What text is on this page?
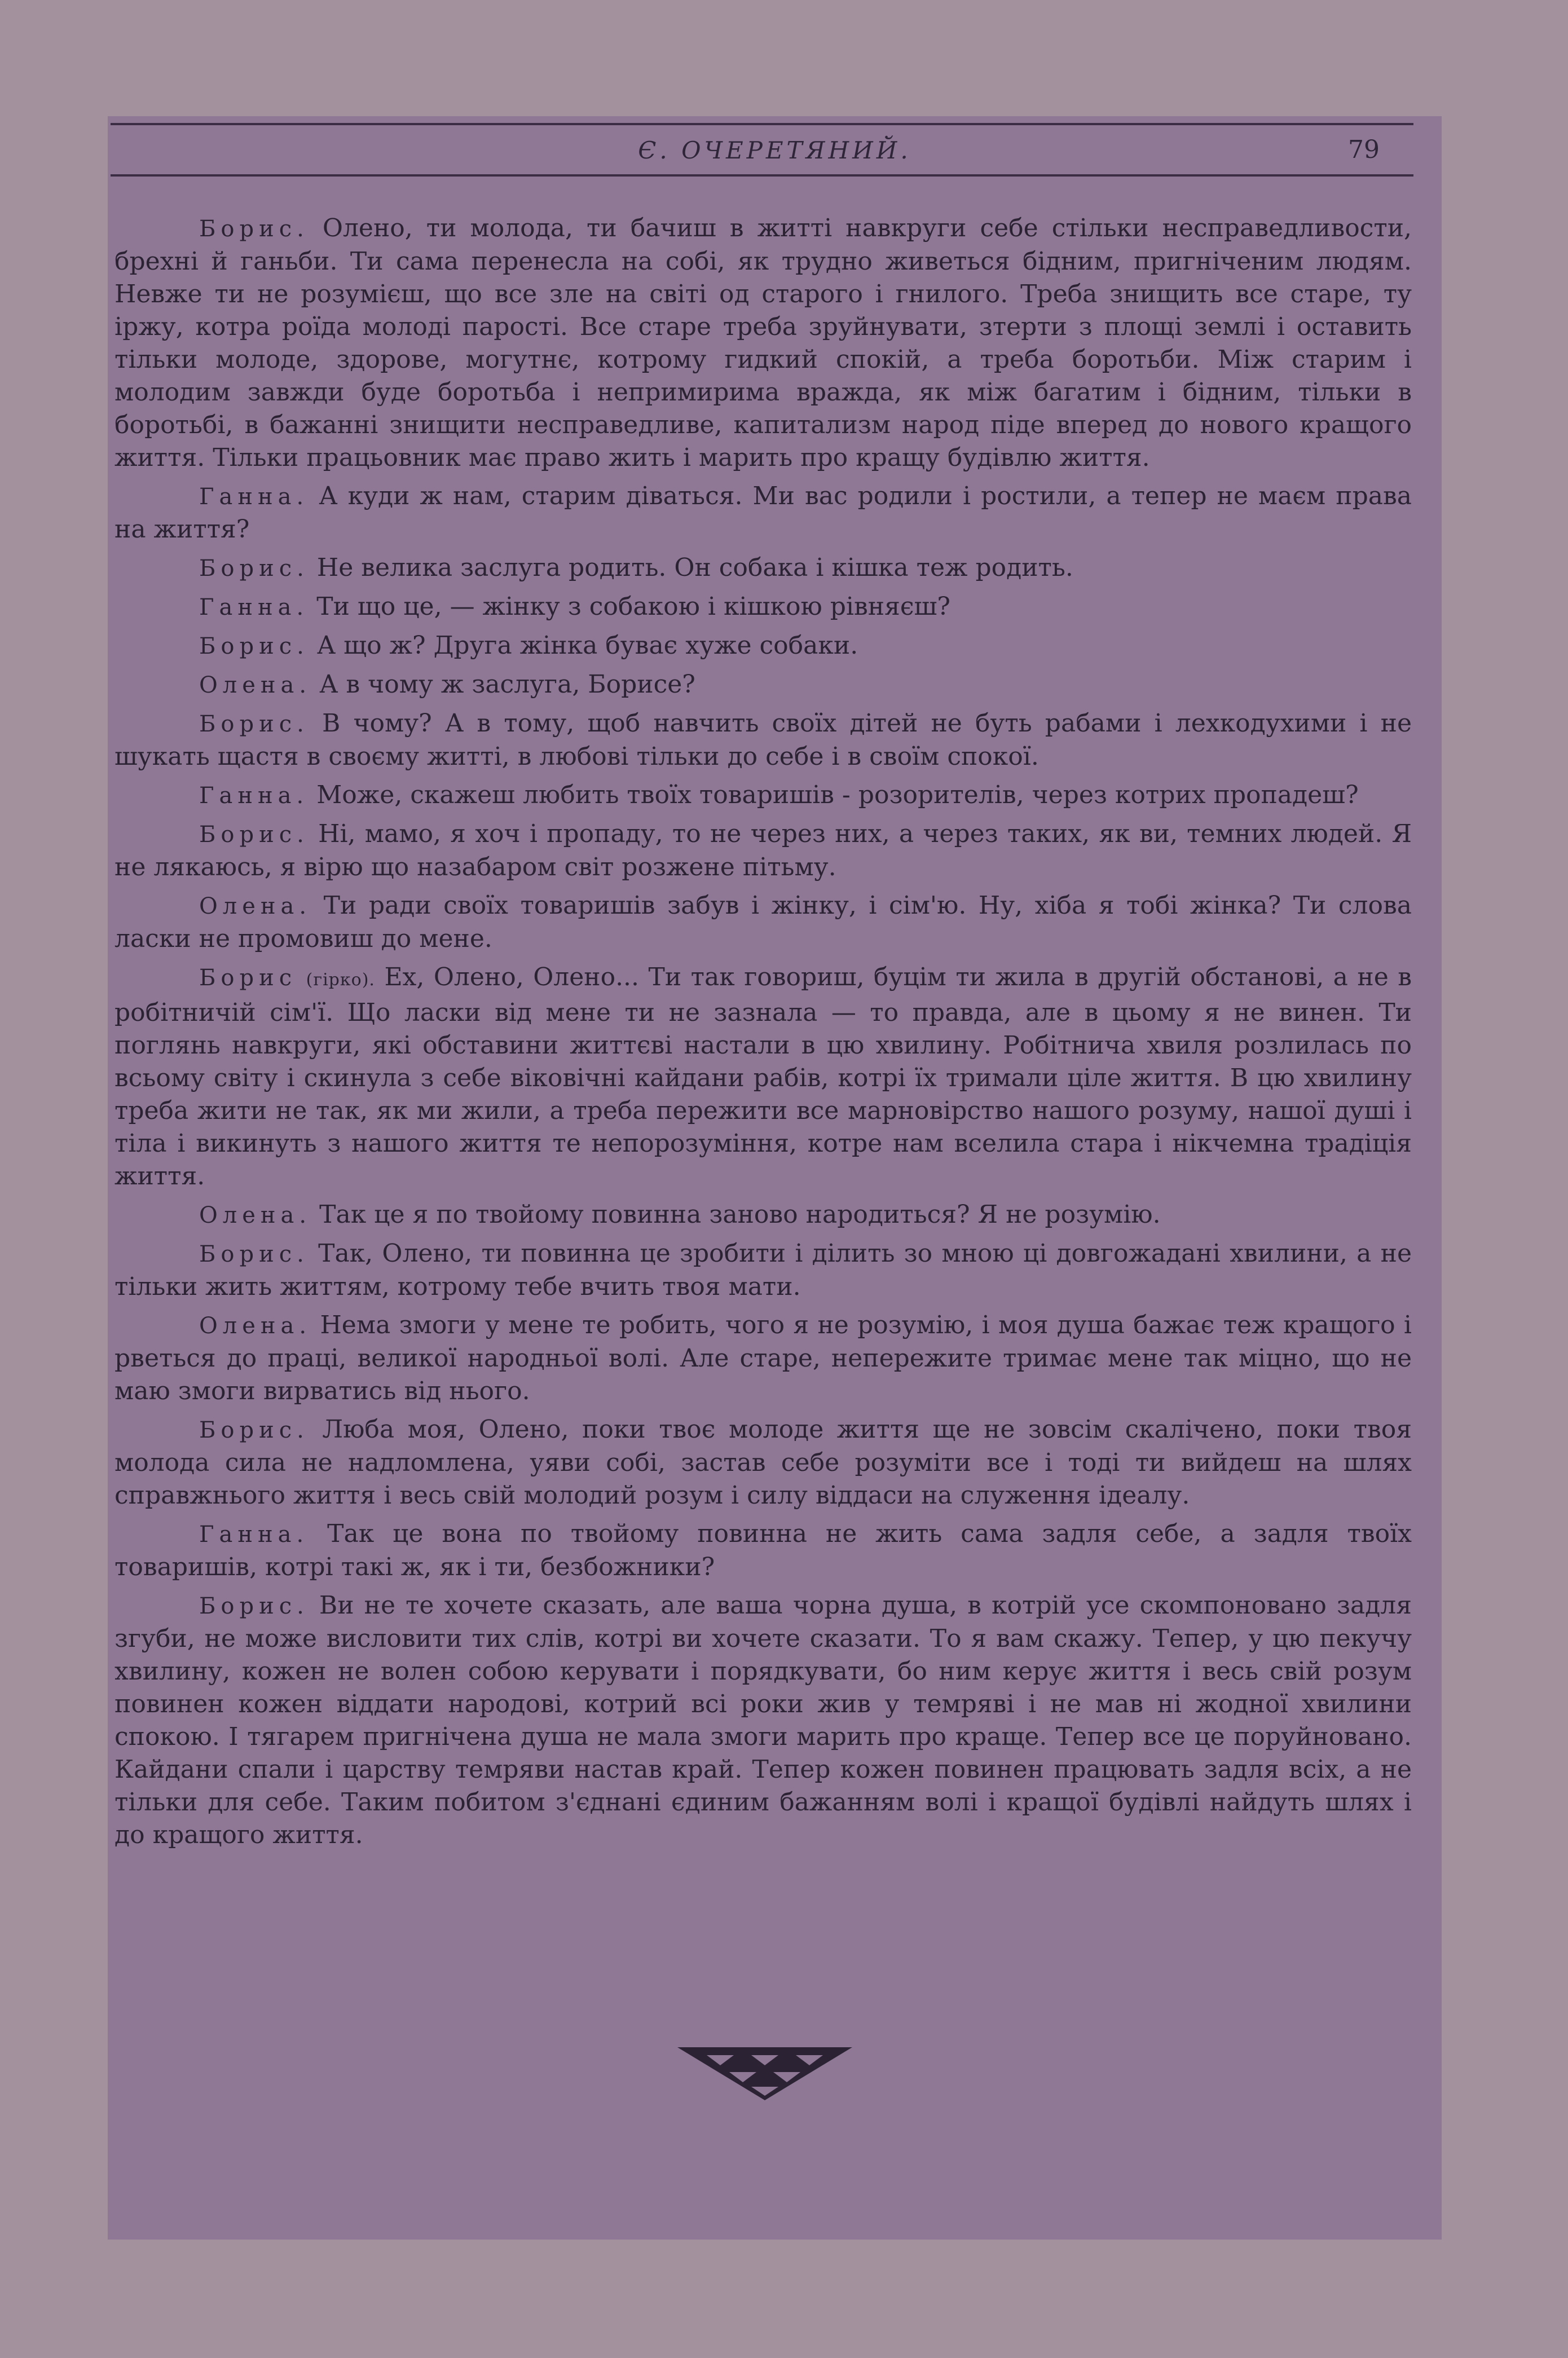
Є. ОЧЕРЕТЯНИЙ.	79

Борис. Олено, ти молода, ти бачиш в житті навкруги себе стільки несправедливости, брехні й ганьби. Ти сама перенесла на собі, як трудно живеться бідним, пригніченим людям. Невже ти не розумієш, що все зле на світі од старого і гнилого. Треба знищить все старе, ту іржу, котра роїда молоді парості. Все старе треба зруйнувати, зтерти з площі землі і оставить тільки молоде, здорове, могутнє, котрому гидкий спокій, а треба боротьби. Між старим і молодим завжди буде боротьба і непримирима вражда, як між багатим і бідним, тільки в боротьбі, в бажанні знищити несправедливе, капитализм народ піде вперед до нового кращого життя. Тільки працьовник має право жить і марить про кращу будівлю життя.

Ганна. А куди ж нам, старим діваться. Ми вас родили і ростили, а тепер не маєм права на життя?

Борис. Не велика заслуга родить. Он собака і кішка теж родить.

Ганна. Ти що це, — жінку з собакою і кішкою рівняєш?

Борис. А що ж? Друга жінка буває хуже собаки.

Олена. А в чому ж заслуга, Борисе?

Борис. В чому? А в тому, щоб навчить своїх дітей не буть рабами і лехкодухими і не шукать щастя в своєму житті, в любові тільки до себе і в своїм спокої.

Ганна. Може, скажеш любить твоїх товаришів - розорителів, через котрих пропадеш?

Борис. Ні, мамо, я хоч і пропаду, то не через них, а через таких, як ви, темних людей. Я не лякаюсь, я вірю що назабаром світ розжене пітьму.

Олена. Ти ради своїх товаришів забув і жінку, і сім'ю. Ну, хіба я тобі жінка? Ти слова ласки не промовиш до мене.

Борис (гірко). Ех, Олено, Олено... Ти так говориш, буцім ти жила в другій обстанові, а не в робітничій сім'ї. Що ласки від мене ти не зазнала — то правда, але в цьому я не винен. Ти поглянь навкруги, які обставини життєві настали в цю хвилину. Робітнича хвиля розлилась по всьому світу і скинула з себе віковічні кайдани рабів, котрі їх тримали ціле життя. В цю хвилину треба жити не так, як ми жили, а треба пережити все марновірство нашого розуму, нашої душі і тіла і викинуть з нашого життя те непорозуміння, котре нам вселила стара і нікчемна традіція життя.

Олена. Так це я по твойому повинна заново народиться? Я не розумію.

Борис. Так, Олено, ти повинна це зробити і ділить зо мною ці довгожадані хвилини, а не тільки жить життям, котрому тебе вчить твоя мати.

Олена. Нема змоги у мене те робить, чого я не розумію, і моя душа бажає теж кращого і рветься до праці, великої народньої волі. Але старе, непережите тримає мене так міцно, що не маю змоги вирватись від нього.

Борис. Люба моя, Олено, поки твоє молоде життя ще не зовсім скалічено, поки твоя молода сила не надломлена, уяви собі, застав себе розуміти все і тоді ти вийдеш на шлях справжнього життя і весь свій молодий розум і силу віддаси на служення ідеалу.

Ганна. Так це вона по твойому повинна не жить сама задля себе, а задля твоїх товаришів, котрі такі ж, як і ти, безбожники?

Борис. Ви не те хочете сказать, але ваша чорна душа, в котрій усе скомпоновано задля згуби, не може висловити тих слів, котрі ви хочете сказати. То я вам скажу. Тепер, у цю пекучу хвилину, кожен не волен собою керувати і порядкувати, бо ним керує життя і весь свій розум повинен кожен віддати народові, котрий всі роки жив у темряві і не мав ні жодної хвилини спокою. І тягарем пригнічена душа не мала змоги марить про краще. Тепер все це поруйновано. Кайдани спали і царству темряви настав край. Тепер кожен повинен працювать задля всіх, а не тільки для себе. Таким побитом з'єднані єдиним бажанням волі і кращої будівлі найдуть шлях і до кращого життя.
